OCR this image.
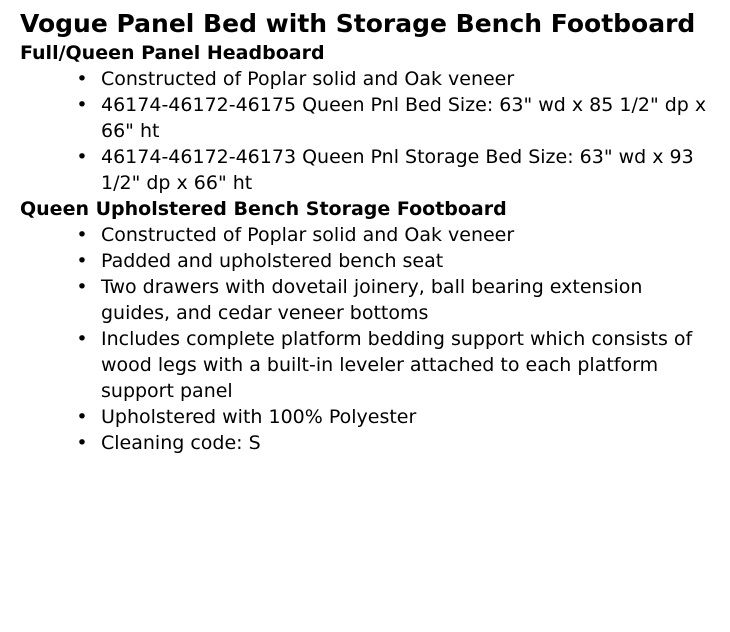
Vogue Panel Bed with Storage Bench Footboard
Full/Queen Panel Headboard
• Constructed of Poplar solid and Oak veneer
• 46174-46172-46175 Queen Pnl Bed Size: 63" wd x 85 1/2" dp x 66" ht
• 46174-46172-46173 Queen Pnl Storage Bed Size: 63" wd x 93 1/2" dp x 66" ht
Queen Upholstered Bench Storage Footboard
• Constructed of Poplar solid and Oak veneer
• Padded and upholstered bench seat
• Two drawers with dovetail joinery, ball bearing extension guides, and cedar veneer bottoms
• Includes complete platform bedding support which consists of wood legs with a built-in leveler attached to each platform support panel
• Upholstered with 100% Polyester
• Cleaning code: S
